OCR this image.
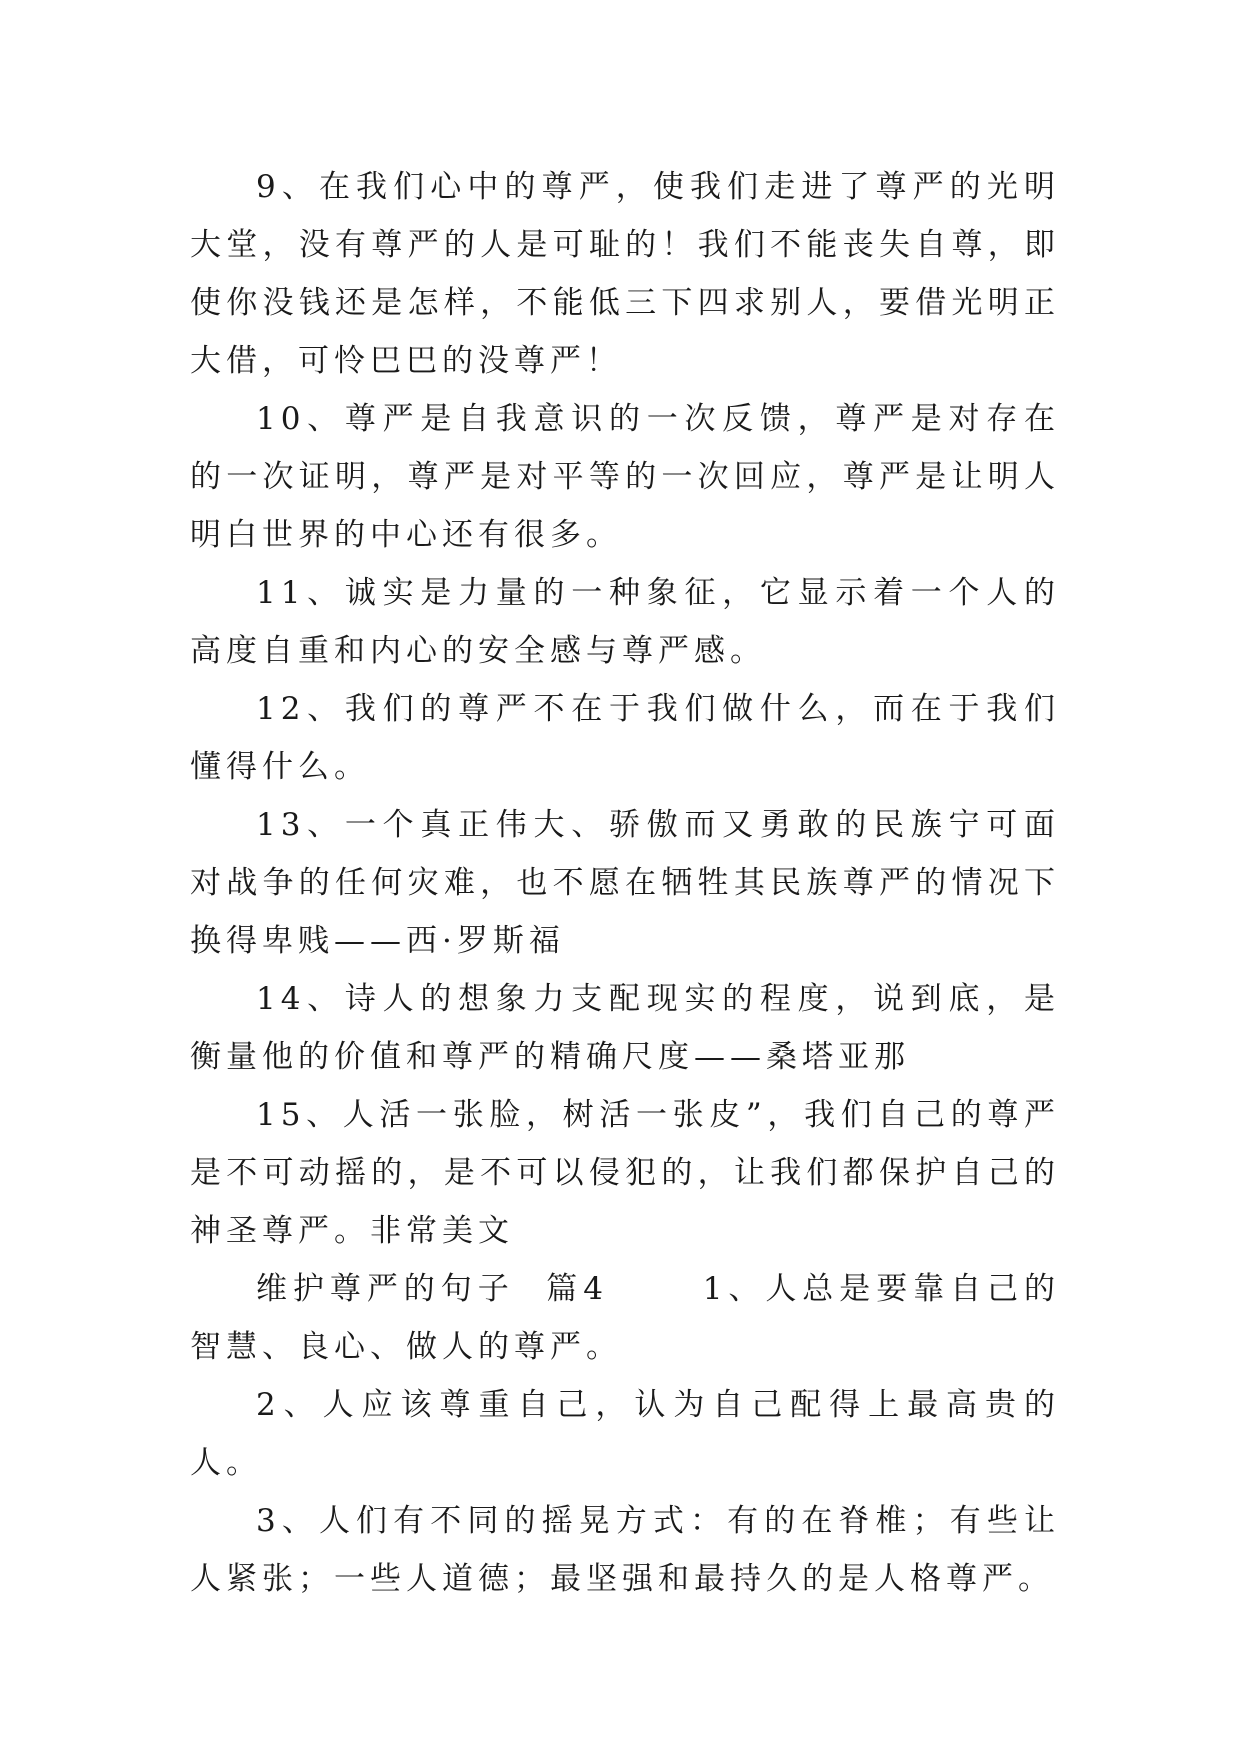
9、在我们心中的尊严，使我们走进了尊严的光明大堂，没有尊严的人是可耻的！我们不能丧失自尊，即使你没钱还是怎样，不能低三下四求别人，要借光明正大借，可怜巴巴的没尊严！

10、尊严是自我意识的一次反馈，尊严是对存在的一次证明，尊严是对平等的一次回应，尊严是让明人明白世界的中心还有很多。

11、诚实是力量的一种象征，它显示着一个人的高度自重和内心的安全感与尊严感。

12、我们的尊严不在于我们做什么，而在于我们懂得什么。

13、一个真正伟大、骄傲而又勇敢的民族宁可面对战争的任何灾难，也不愿在牺牲其民族尊严的情况下换得卑贱——西·罗斯福

14、诗人的想象力支配现实的程度，说到底，是衡量他的价值和尊严的精确尺度——桑塔亚那

15、人活一张脸，树活一张皮”，我们自己的尊严是不可动摇的，是不可以侵犯的，让我们都保护自己的神圣尊严。非常美文

维护尊严的句子  篇4      1、人总是要靠自己的智慧、良心、做人的尊严。

2、人应该尊重自己，认为自己配得上最高贵的人。

3、人们有不同的摇晃方式：有的在脊椎；有些让人紧张；一些人道德；最坚强和最持久的是人格尊严。
